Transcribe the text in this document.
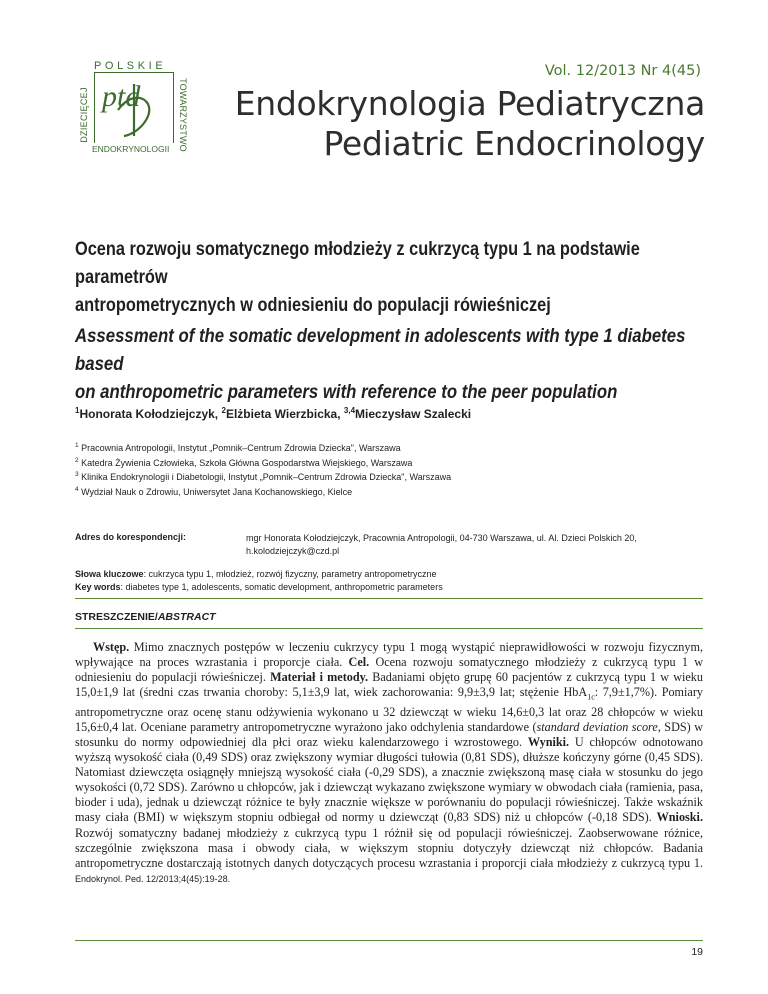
POLSKIE
DZIECIĘCEJ	TOWARZYSTWO
ENDOKRYNOLOGII
ptd
Vol. 12/2013 Nr 4(45)
Endokrynologia Pediatryczna
Pediatric Endocrinology
Ocena rozwoju somatycznego młodzieży z cukrzycą typu 1 na podstawie parametrów
antropometrycznych w odniesieniu do populacji rówieśniczej
Assessment of the somatic development in adolescents with type 1 diabetes based
on anthropometric parameters with reference to the peer population
$^1$Honorata Kołodziejczyk, $^2$Elżbieta Wierzbicka, $^{3,4}$Mieczysław Szalecki
$^1$ Pracownia Antropologii, Instytut „Pomnik–Centrum Zdrowia Dziecka", Warszawa
$^2$ Katedra Żywienia Człowieka, Szkoła Główna Gospodarstwa Wiejskiego, Warszawa
$^3$ Klinika Endokrynologii i Diabetologii, Instytut „Pomnik–Centrum Zdrowia Dziecka", Warszawa
$^4$ Wydział Nauk o Zdrowiu, Uniwersytet Jana Kochanowskiego, Kielce
Adres do korespondencji:	mgr Honorata Kołodziejczyk, Pracownia Antropologii, 04-730 Warszawa, ul. Al. Dzieci Polskich 20,
h.kolodziejczyk@czd.pl
Słowa kluczowe: cukrzyca typu 1, młodzież, rozwój fizyczny, parametry antropometryczne
Key words: diabetes type 1, adolescents, somatic development, anthropometric parameters
STRESZCZENIE/ABSTRACT
Wstęp. Mimo znacznych postępów w leczeniu cukrzycy typu 1 mogą wystąpić nieprawidłowości w rozwoju fizycznym, wpływające na proces wzrastania i proporcje ciała. Cel. Ocena rozwoju somatycznego młodzieży z cukrzycą typu 1 w odniesieniu do populacji rówieśniczej. Materiał i metody. Badaniami objęto grupę 60 pacjentów z cukrzycą typu 1 w wieku 15,0±1,9 lat (średni czas trwania choroby: 5,1±3,9 lat, wiek zachorowania: 9,9±3,9 lat; stężenie HbA$_{1c}$: 7,9±1,7%). Pomiary antropometryczne oraz ocenę stanu odżywienia wykonano u 32 dziewcząt w wieku 14,6±0,3 lat oraz 28 chłopców w wieku 15,6±0,4 lat. Oceniane parametry antropometryczne wyrażono jako odchylenia standardowe (standard deviation score, SDS) w stosunku do normy odpowiedniej dla płci oraz wieku kalendarzowego i wzrostowego. Wyniki. U chłopców odnotowano wyższą wysokość ciała (0,49 SDS) oraz zwiększony wymiar długości tułowia (0,81 SDS), dłuższe kończyny górne (0,45 SDS). Natomiast dziewczęta osiągnęły mniejszą wysokość ciała (-0,29 SDS), a znacznie zwiększoną masę ciała w stosunku do jego wysokości (0,72 SDS). Zarówno u chłopców, jak i dziewcząt wykazano zwiększone wymiary w obwodach ciała (ramienia, pasa, bioder i uda), jednak u dziewcząt różnice te były znacznie większe w porównaniu do populacji rówieśniczej. Także wskaźnik masy ciała (BMI) w większym stopniu odbiegał od normy u dziewcząt (0,83 SDS) niż u chłopców (-0,18 SDS). Wnioski. Rozwój somatyczny badanej młodzieży z cukrzycą typu 1 różnił się od populacji rówieśniczej. Zaobserwowane różnice, szczególnie zwiększona masa i obwody ciała, w większym stopniu dotyczyły dziewcząt niż chłopców. Badania antropometryczne dostarczają istotnych danych dotyczących procesu wzrastania i proporcji ciała młodzieży z cukrzycą typu 1. Endokrynol. Ped. 12/2013;4(45):19-28.
19
